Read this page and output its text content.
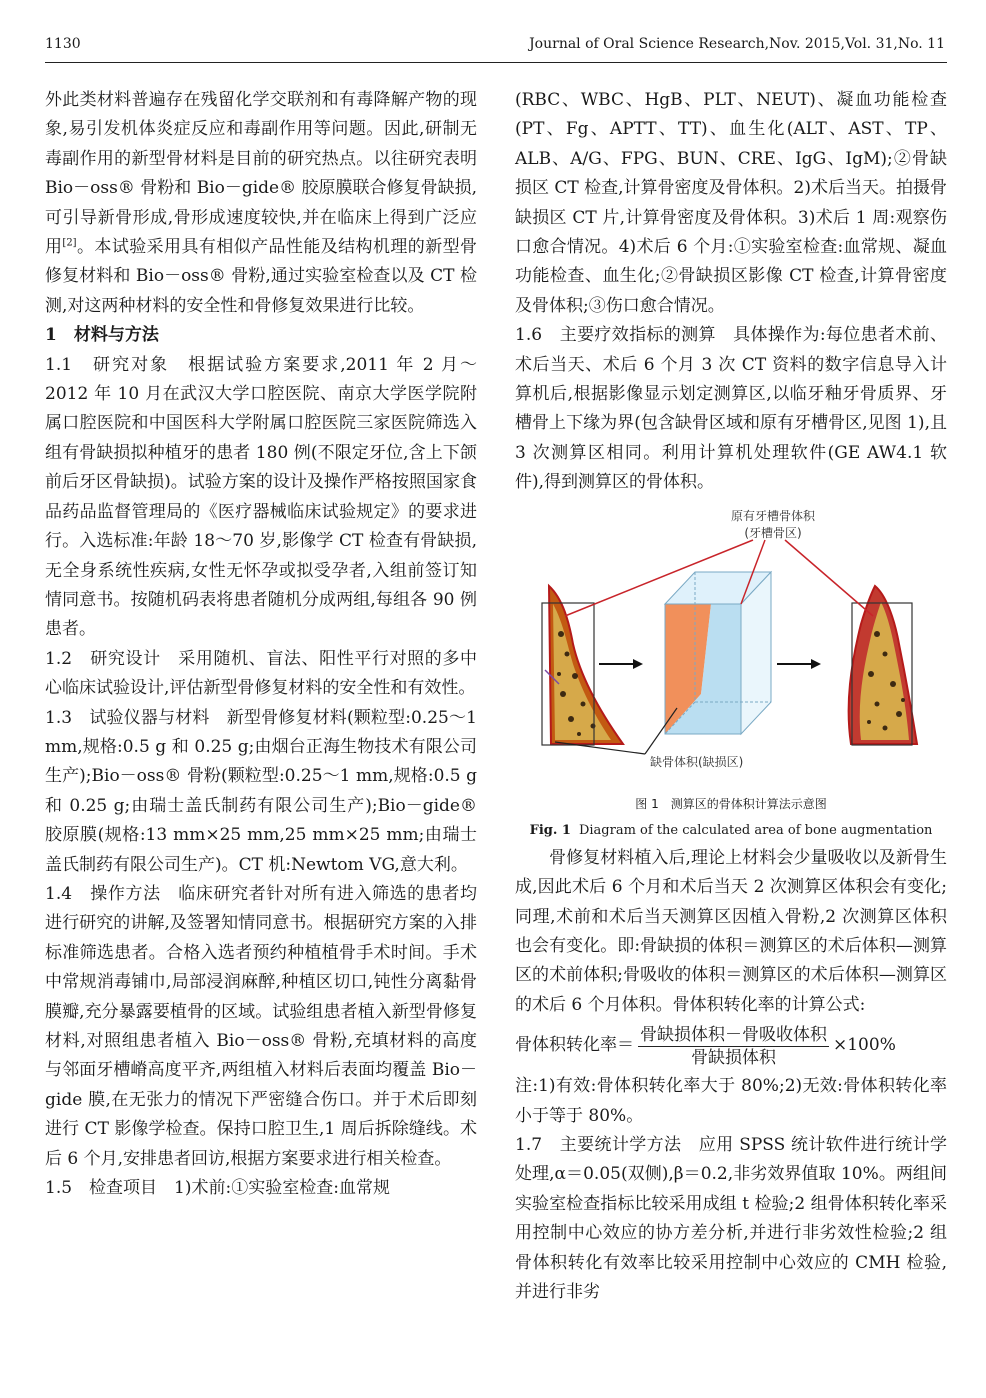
1130	Journal of Oral Science Research,Nov. 2015,Vol. 31,No. 11

外此类材料普遍存在残留化学交联剂和有毒降解产物的现象,易引发机体炎症反应和毒副作用等问题。因此,研制无毒副作用的新型骨材料是目前的研究热点。以往研究表明 Bio－oss® 骨粉和 Bio－gide® 胶原膜联合修复骨缺损,可引导新骨形成,骨形成速度较快,并在临床上得到广泛应用[2]。本试验采用具有相似产品性能及结构机理的新型骨修复材料和 Bio－oss® 骨粉,通过实验室检查以及 CT 检测,对这两种材料的安全性和骨修复效果进行比较。

1　材料与方法

1.1　研究对象　根据试验方案要求,2011 年 2 月～2012 年 10 月在武汉大学口腔医院、南京大学医学院附属口腔医院和中国医科大学附属口腔医院三家医院筛选入组有骨缺损拟种植牙的患者 180 例(不限定牙位,含上下颌前后牙区骨缺损)。试验方案的设计及操作严格按照国家食品药品监督管理局的《医疗器械临床试验规定》的要求进行。入选标准:年龄 18～70 岁,影像学 CT 检查有骨缺损,无全身系统性疾病,女性无怀孕或拟受孕者,入组前签订知情同意书。按随机码表将患者随机分成两组,每组各 90 例患者。

1.2　研究设计　采用随机、盲法、阳性平行对照的多中心临床试验设计,评估新型骨修复材料的安全性和有效性。

1.3　试验仪器与材料　新型骨修复材料(颗粒型:0.25～1 mm,规格:0.5 g 和 0.25 g;由烟台正海生物技术有限公司生产);Bio－oss® 骨粉(颗粒型:0.25～1 mm,规格:0.5 g 和 0.25 g;由瑞士盖氏制药有限公司生产);Bio－gide® 胶原膜(规格:13 mm×25 mm,25 mm×25 mm;由瑞士盖氏制药有限公司生产)。CT 机:Newtom VG,意大利。

1.4　操作方法　临床研究者针对所有进入筛选的患者均进行研究的讲解,及签署知情同意书。根据研究方案的入排标准筛选患者。合格入选者预约种植植骨手术时间。手术中常规消毒铺巾,局部浸润麻醉,种植区切口,钝性分离黏骨膜瓣,充分暴露要植骨的区域。试验组患者植入新型骨修复材料,对照组患者植入 Bio－oss® 骨粉,充填材料的高度与邻面牙槽嵴高度平齐,两组植入材料后表面均覆盖 Bio－gide 膜,在无张力的情况下严密缝合伤口。并于术后即刻进行 CT 影像学检查。保持口腔卫生,1 周后拆除缝线。术后 6 个月,安排患者回访,根据方案要求进行相关检查。

1.5　检查项目　1)术前:①实验室检查:血常规

(RBC、WBC、HgB、PLT、NEUT)、凝血功能检查(PT、Fg、APTT、TT)、血生化(ALT、AST、TP、ALB、A/G、FPG、BUN、CRE、IgG、IgM);②骨缺损区 CT 检查,计算骨密度及骨体积。2)术后当天。拍摄骨缺损区 CT 片,计算骨密度及骨体积。3)术后 1 周:观察伤口愈合情况。4)术后 6 个月:①实验室检查:血常规、凝血功能检查、血生化;②骨缺损区影像 CT 检查,计算骨密度及骨体积;③伤口愈合情况。

1.6　主要疗效指标的测算　具体操作为:每位患者术前、术后当天、术后 6 个月 3 次 CT 资料的数字信息导入计算机后,根据影像显示划定测算区,以临牙釉牙骨质界、牙槽骨上下缘为界(包含缺骨区域和原有牙槽骨区,见图 1),且 3 次测算区相同。利用计算机处理软件(GE AW4.1 软件),得到测算区的骨体积。

原有牙槽骨体积
(牙槽骨区)
缺骨体积(缺损区)
图 1　测算区的骨体积计算法示意图
Fig. 1 Diagram of the calculated area of bone augmentation

骨修复材料植入后,理论上材料会少量吸收以及新骨生成,因此术后 6 个月和术后当天 2 次测算区体积会有变化;同理,术前和术后当天测算区因植入骨粉,2 次测算区体积也会有变化。即:骨缺损的体积＝测算区的术后体积—测算区的术前体积;骨吸收的体积＝测算区的术后体积—测算区的术后 6 个月体积。骨体积转化率的计算公式:

骨体积转化率＝ $\frac{\text{骨缺损体积－骨吸收体积}}{\text{骨缺损体积}} \times 100\%$

注:1)有效:骨体积转化率大于 80%;2)无效:骨体积转化率小于等于 80%。

1.7　主要统计学方法　应用 SPSS 统计软件进行统计学处理,α＝0.05(双侧),β＝0.2,非劣效界值取 10%。两组间实验室检查指标比较采用成组 t 检验;2 组骨体积转化率采用控制中心效应的协方差分析,并进行非劣效性检验;2 组骨体积转化有效率比较采用控制中心效应的 CMH 检验,并进行非劣
